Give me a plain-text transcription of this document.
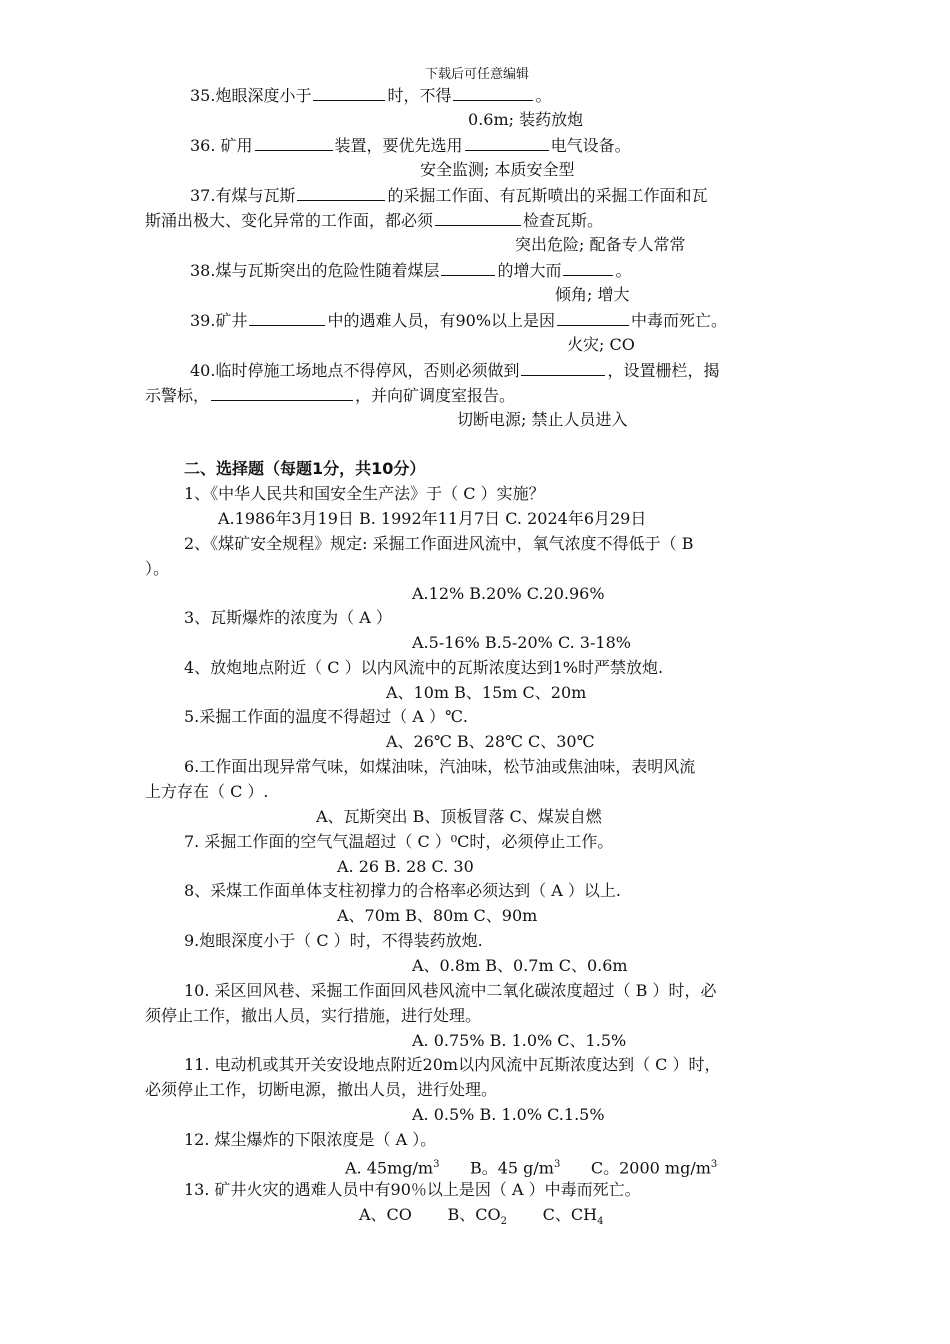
下载后可任意编辑
35.炮眼深度小于	时，不得	。
0.6m; 装药放炮
36. 矿用	装置，要优先选用	电气设备。
安全监测; 本质安全型
37.有煤与瓦斯	的采掘工作面、有瓦斯喷出的采掘工作面和瓦
斯涌出极大、变化异常的工作面，都必须	检查瓦斯。
突出危险; 配备专人常常
38.煤与瓦斯突出的危险性随着煤层	的增大而	。
倾角; 增大
39.矿井	中的遇难人员，有90%以上是因	中毒而死亡。
火灾; CO
40.临时停施工场地点不得停风，否则必须做到	，设置栅栏，揭
示警标，	，并向矿调度室报告。
切断电源; 禁止人员进入
二、选择题（每题1分，共10分）
1、《中华人民共和国安全生产法》于（ C ）实施？
A.1986年3月19日 B. 1992年11月7日 C. 2024年6月29日
2、《煤矿安全规程》规定: 采掘工作面进风流中，氧气浓度不得低于（ B
）。
A.12% B.20% C.20.96%
3、瓦斯爆炸的浓度为（ A ）
A.5-16% B.5-20% C. 3-18%
4、放炮地点附近（ C ）以内风流中的瓦斯浓度达到1%时严禁放炮.
A、10m B、15m C、20m
5.采掘工作面的温度不得超过（ A ）℃.
A、26℃ B、28℃ C、30℃
6.工作面出现异常气味，如煤油味，汽油味，松节油或焦油味，表明风流
上方存在（ C ）.
A、瓦斯突出 B、顶板冒落 C、煤炭自燃
7. 采掘工作面的空气气温超过（ C ）⁰C时，必须停止工作。
A. 26 B. 28 C. 30
8、采煤工作面单体支柱初撑力的合格率必须达到（ A ）以上.
A、70m B、80m C、90m
9.炮眼深度小于（ C ）时，不得装药放炮.
A、0.8m B、0.7m C、0.6m
10. 采区回风巷、采掘工作面回风巷风流中二氧化碳浓度超过（ B ）时，必
须停止工作，撤出人员，实行措施，进行处理。
A. 0.75% B. 1.0% C、1.5%
11. 电动机或其开关安设地点附近20m以内风流中瓦斯浓度达到（ C ）时，
必须停止工作，切断电源，撤出人员，进行处理。
A. 0.5% B. 1.0% C.1.5%
12. 煤尘爆炸的下限浓度是（ A ）。
A. $45mg/m^3$ B。45 $g/m^3$ C。2000 $mg/m^3$
13. 矿井火灾的遇难人员中有90％以上是因（ A ）中毒而死亡。
A、CO B、$CO_2$ C、$CH_4$
